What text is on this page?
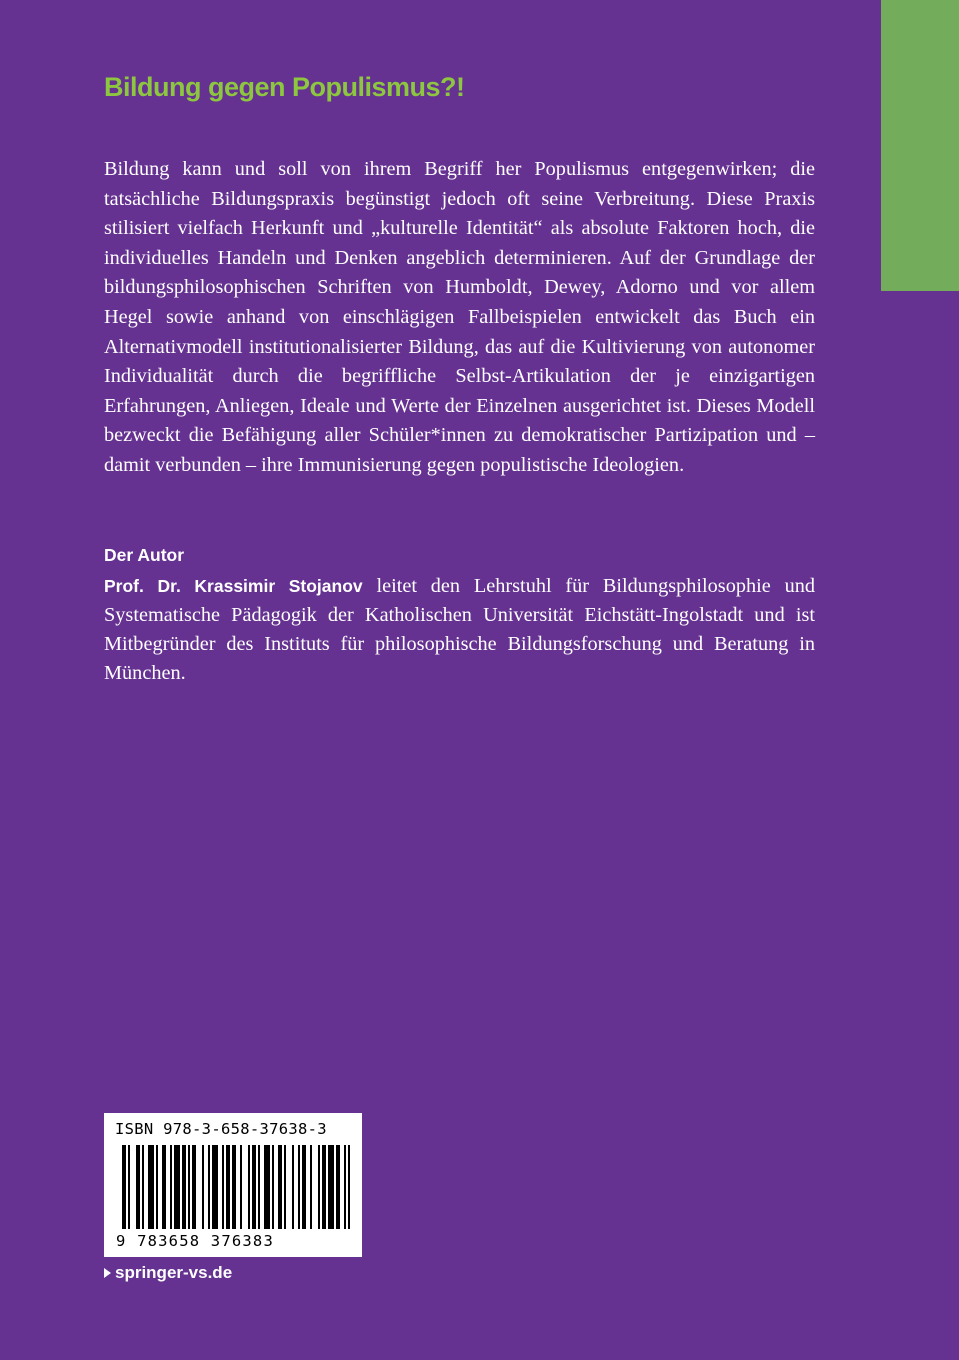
Bildung gegen Populismus?!

Bildung kann und soll von ihrem Begriff her Populismus entgegenwirken; die tatsächliche Bildungspraxis begünstigt jedoch oft seine Verbreitung. Diese Praxis stilisiert vielfach Herkunft und „kulturelle Identität“ als absolute Faktoren hoch, die individuelles Handeln und Denken angeblich determinieren. Auf der Grundlage der bildungsphilosophischen Schriften von Humboldt, Dewey, Adorno und vor allem Hegel sowie anhand von einschlägigen Fallbeispielen entwickelt das Buch ein Alternativmodell institutionalisierter Bildung, das auf die Kultivierung von autonomer Individualität durch die begriffliche Selbst-Artikulation der je einzigartigen Erfahrungen, Anliegen, Ideale und Werte der Einzelnen ausgerichtet ist. Dieses Modell bezweckt die Befähigung aller Schüler*innen zu demokratischer Partizipation und – damit verbunden – ihre Immunisierung gegen populistische Ideologien.

Der Autor

Prof. Dr. Krassimir Stojanov leitet den Lehrstuhl für Bildungsphilosophie und Systematische Pädagogik der Katholischen Universität Eichstätt-Ingolstadt und ist Mitbegründer des Instituts für philosophische Bildungsforschung und Beratung in München.

ISBN 978-3-658-37638-3
9 783658 376383
springer-vs.de
